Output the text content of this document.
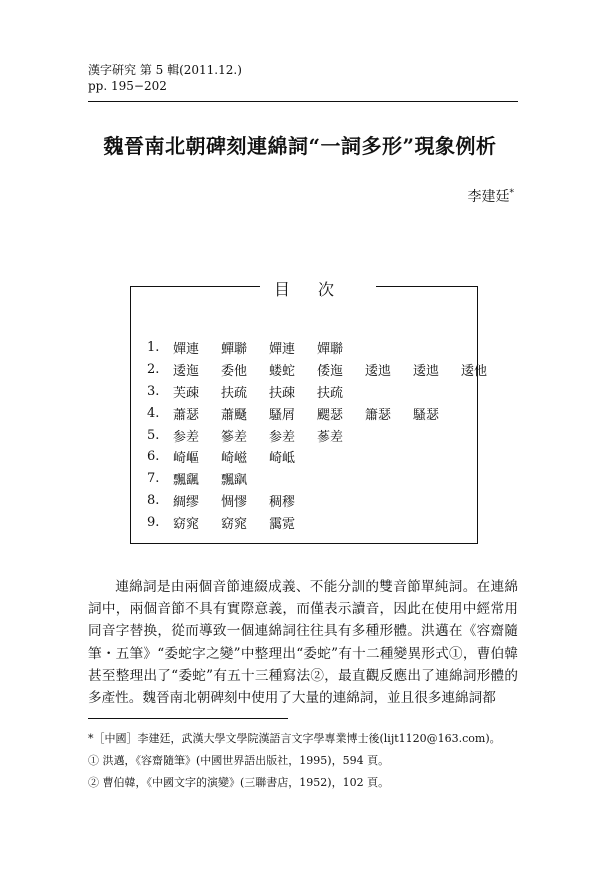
漢字硏究 第 5 輯(2011.12.)
pp. 195−202
魏晉南北朝碑刻連綿詞“一詞多形”現象例析
李建廷*
目次
1.	嬋連	蟬聯	嬋連	嬋聯
2.	逶迤	委他	蝼蛇	倭迤	逶迆	逶迆	逶他
3.	芙疎	扶疏	扶疎	扶疏
4.	蕭瑟	蕭颾	騷屑	颸瑟	簫瑟	騷瑟
5.	参差	篸差	参差	蔘差
6.	崎嶇	崎嵫	崎岻
7.	飄颻	飄飖
8.	綢缪	惆憀	稠穋
9.	窈窕	窈窕	靄霓

連綿詞是由兩個音節連綴成義、不能分訓的雙音節單純詞。在連綿詞中，兩個音節不具有實際意義，而僅表示讀音，因此在使用中經常用同音字替换，從而導致一個連綿詞往往具有多種形體。洪邁在《容齋隨筆・五筆》“委蛇字之變”中整理出“委蛇”有十二種變異形式①，曹伯韓甚至整理出了“委蛇”有五十三種寫法②，最直觀反應出了連綿詞形體的多產性。魏晉南北朝碑刻中使用了大量的連綿詞，並且很多連綿詞都

*［中國］李建廷，武漢大學文學院漢語言文字學專業博士後(lijt1120@163.com)。

① 洪邁，《容齋隨筆》(中國世界語出版社，1995)，594 頁。

② 曹伯韓，《中國文字的演變》(三聯書店，1952)，102 頁。
